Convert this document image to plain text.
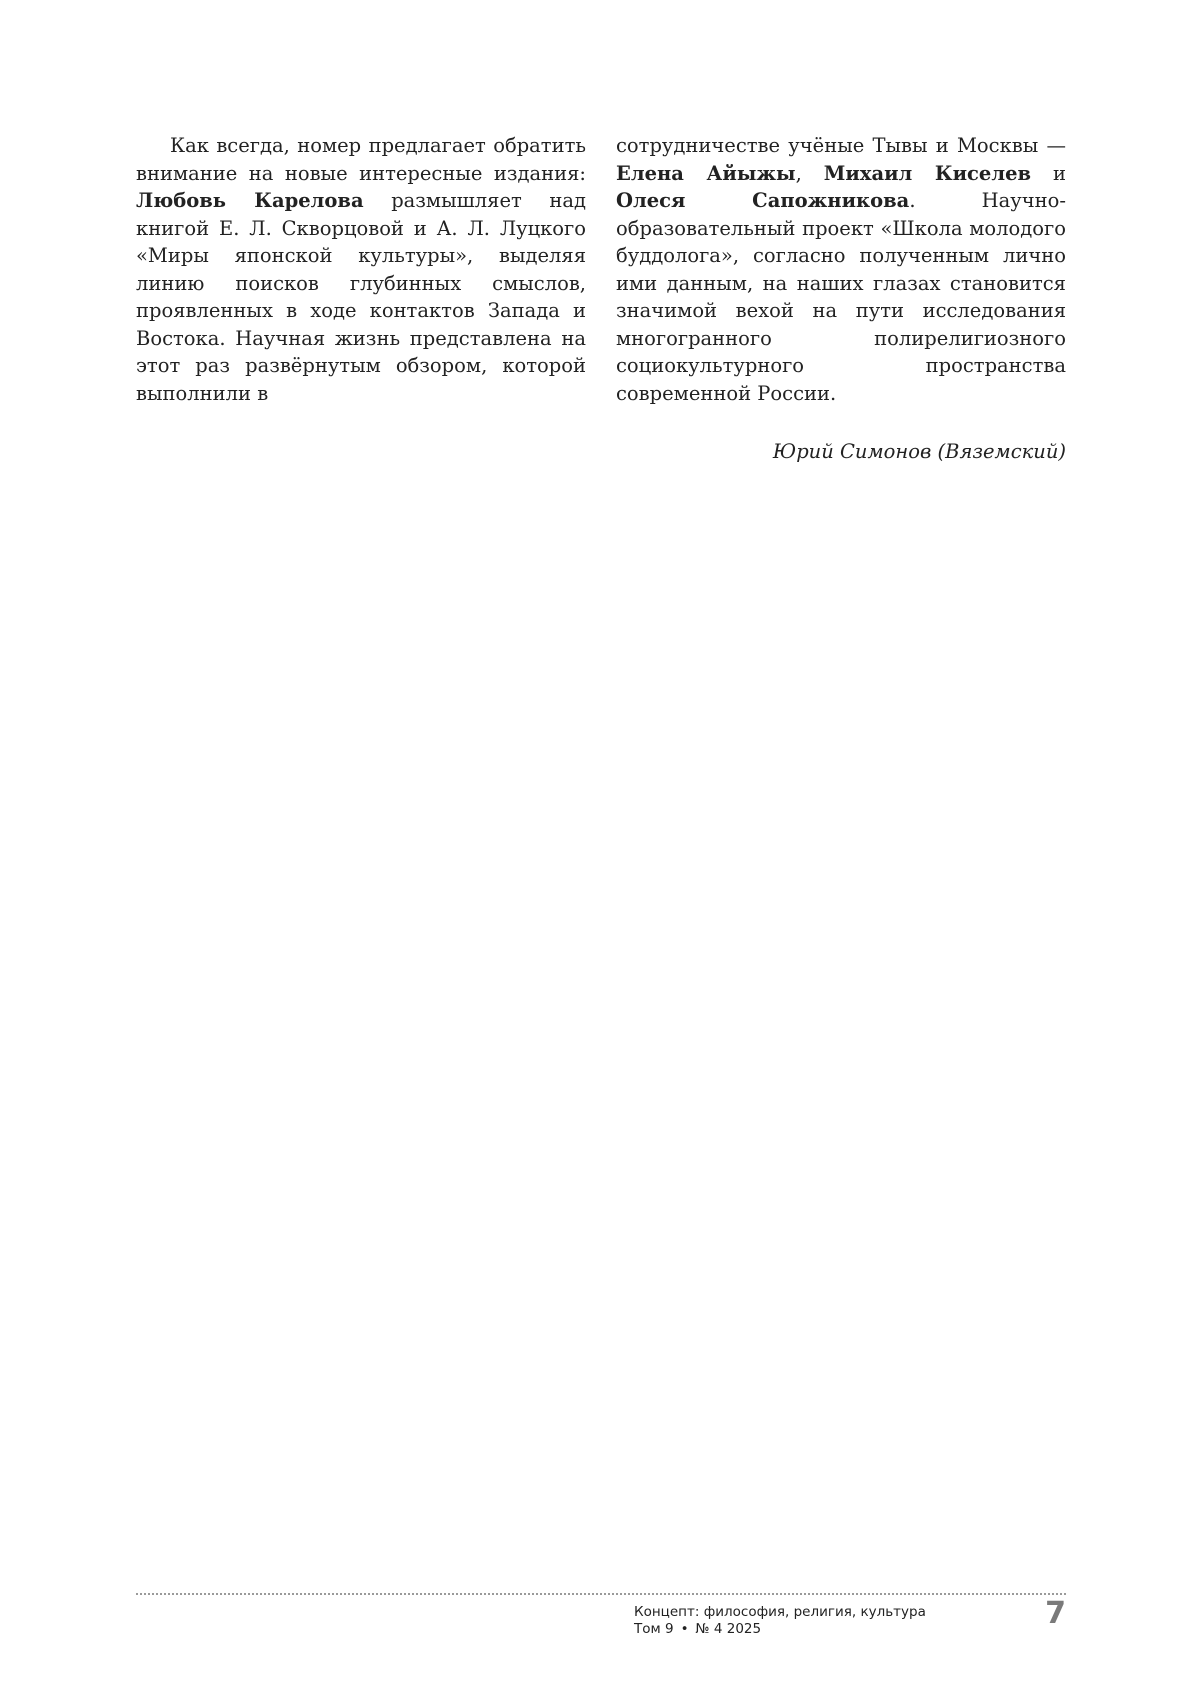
Как всегда, номер предлагает обратить внимание на новые интересные издания: Любовь Карелова размышляет над книгой Е. Л. Скворцовой и А. Л. Луцкого «Миры японской культуры», выделяя линию поисков глубинных смыслов, проявленных в ходе контактов Запада и Востока. Научная жизнь представлена на этот раз развёрнутым обзором, которой выполнили в

сотрудничестве учёные Тывы и Москвы — Елена Айыжы, Михаил Киселев и Олеся Сапожникова. Научно-образовательный проект «Школа молодого буддолога», согласно полученным лично ими данным, на наших глазах становится значимой вехой на пути исследования многогранного полирелигиозного социокультурного пространства современной России.

Юрий Симонов (Вяземский)
Концепт: философия, религия, культура
Том 9 • № 4 2025	7
